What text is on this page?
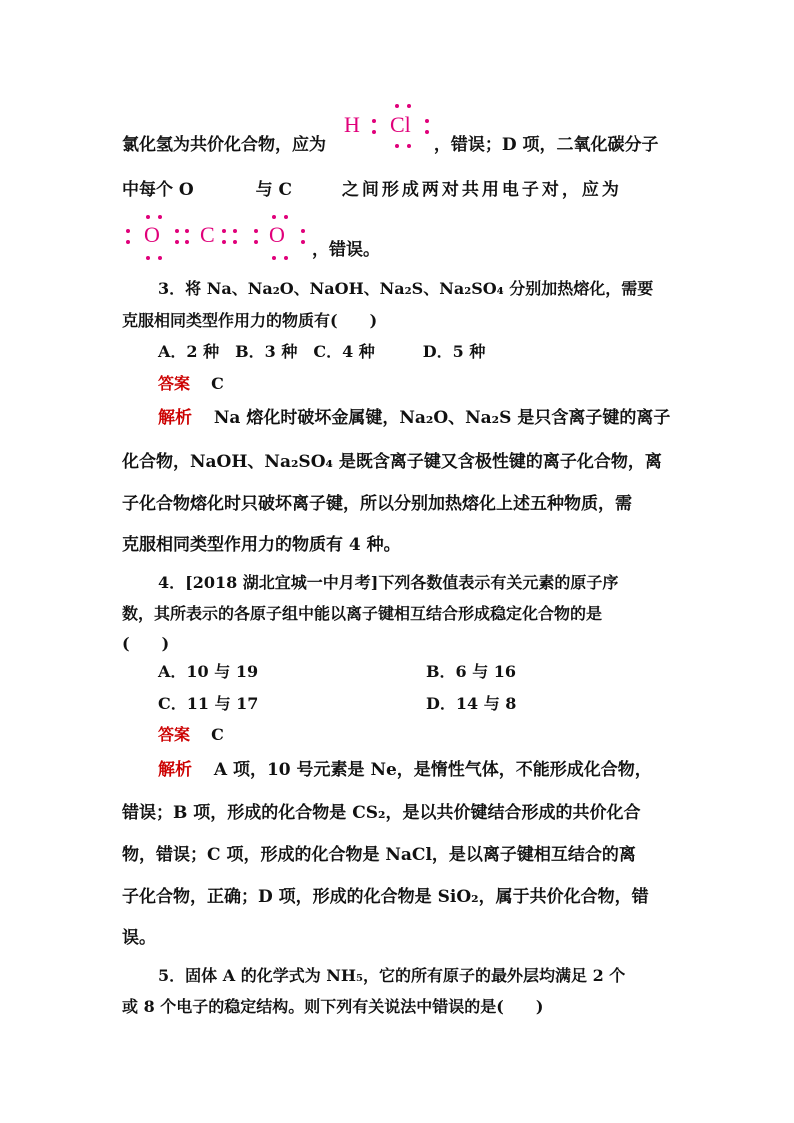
H Cl
氯化氢为共价化合物，应为	，错误；D 项，二氧化碳分子
中每个 O	与 C	之间形成两对共用电子对，应为
O C O
，错误。
3．将 Na、Na₂O、NaOH、Na₂S、Na₂SO₄ 分别加热熔化，需要
克服相同类型作用力的物质有(　　)
A．2 种　B．3 种　C．4 种　　　D．5 种
答案 C
解析 Na 熔化时破坏金属键，Na₂O、Na₂S 是只含离子键的离子
化合物，NaOH、Na₂SO₄ 是既含离子键又含极性键的离子化合物，离
子化合物熔化时只破坏离子键，所以分别加热熔化上述五种物质，需
克服相同类型作用力的物质有 4 种。
4．[2018 湖北宜城一中月考]下列各数值表示有关元素的原子序
数，其所表示的各原子组中能以离子键相互结合形成稳定化合物的是
(　　)
A．10 与 19	B．6 与 16
C．11 与 17	D．14 与 8
答案 C
解析 A 项，10 号元素是 Ne，是惰性气体，不能形成化合物，
错误；B 项，形成的化合物是 CS₂，是以共价键结合形成的共价化合
物，错误；C 项，形成的化合物是 NaCl，是以离子键相互结合的离
子化合物，正确；D 项，形成的化合物是 SiO₂，属于共价化合物，错
误。
5．固体 A 的化学式为 NH₅，它的所有原子的最外层均满足 2 个
或 8 个电子的稳定结构。则下列有关说法中错误的是(　　)
